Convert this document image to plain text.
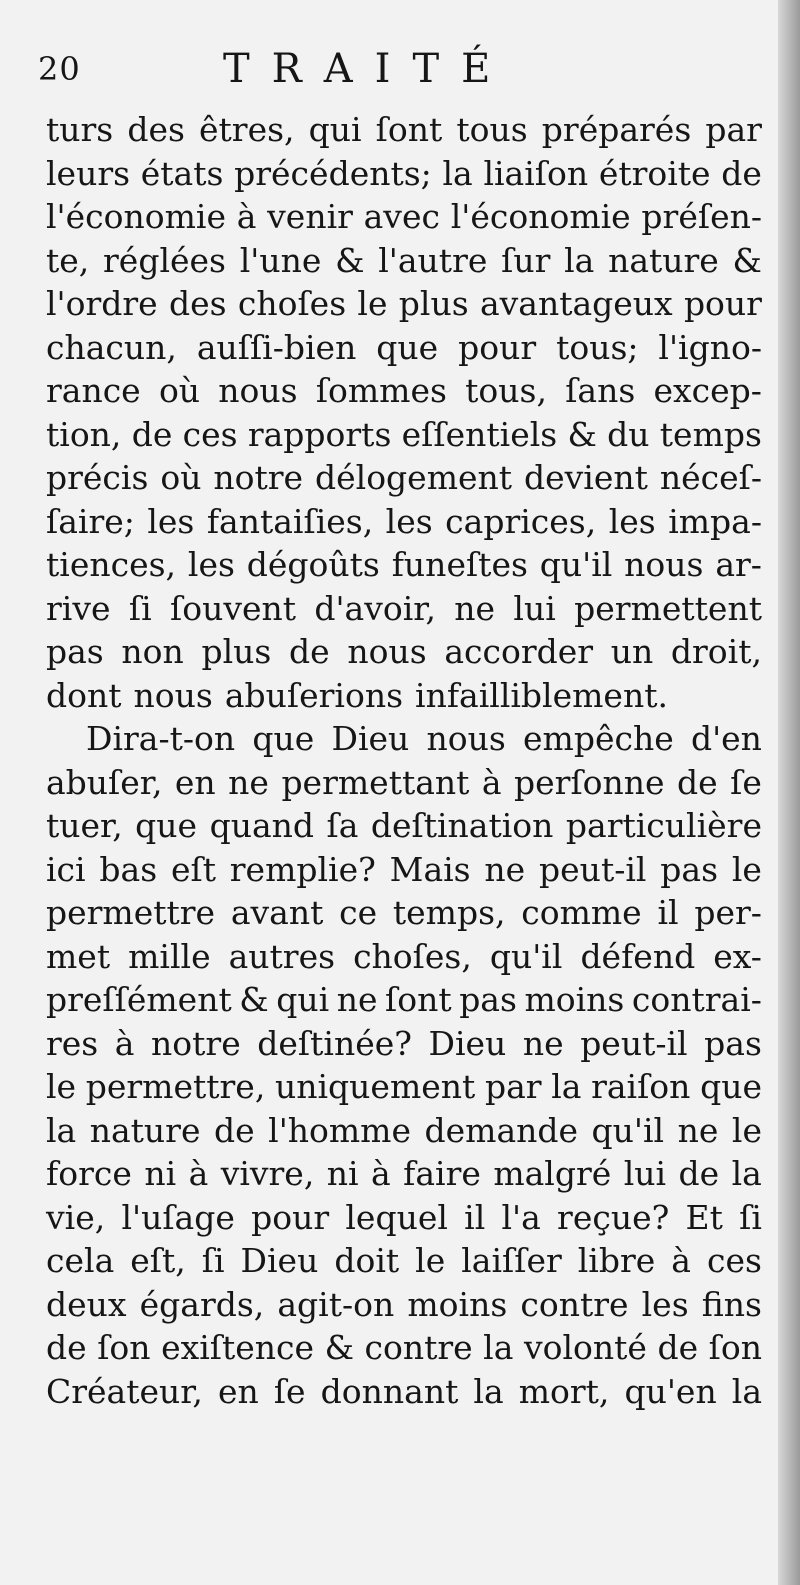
20	TRAITÉ
turs des êtres, qui ſont tous préparés par
leurs états précédents; la liaiſon étroite de
l'économie à venir avec l'économie préſen-
te, réglées l'une & l'autre ſur la nature &
l'ordre des choſes le plus avantageux pour
chacun, auſſi-bien que pour tous; l'igno-
rance où nous ſommes tous, ſans excep-
tion, de ces rapports eſſentiels & du temps
précis où notre délogement devient néceſ-
ſaire; les fantaiſies, les caprices, les impa-
tiences, les dégoûts funeſtes qu'il nous ar-
rive ſi ſouvent d'avoir, ne lui permettent
pas non plus de nous accorder un droit,
dont nous abuſerions infailliblement.
Dira-t-on que Dieu nous empêche d'en
abuſer, en ne permettant à perſonne de ſe
tuer, que quand ſa deſtination particulière
ici bas eſt remplie? Mais ne peut-il pas le
permettre avant ce temps, comme il per-
met mille autres choſes, qu'il défend ex-
preſſément & qui ne ſont pas moins contrai-
res à notre deſtinée? Dieu ne peut-il pas
le permettre, uniquement par la raiſon que
la nature de l'homme demande qu'il ne le
force ni à vivre, ni à faire malgré lui de la
vie, l'uſage pour lequel il l'a reçue? Et ſi
cela eſt, ſi Dieu doit le laiſſer libre à ces
deux égards, agit-on moins contre les fins
de ſon exiſtence & contre la volonté de ſon
Créateur, en ſe donnant la mort, qu'en la
